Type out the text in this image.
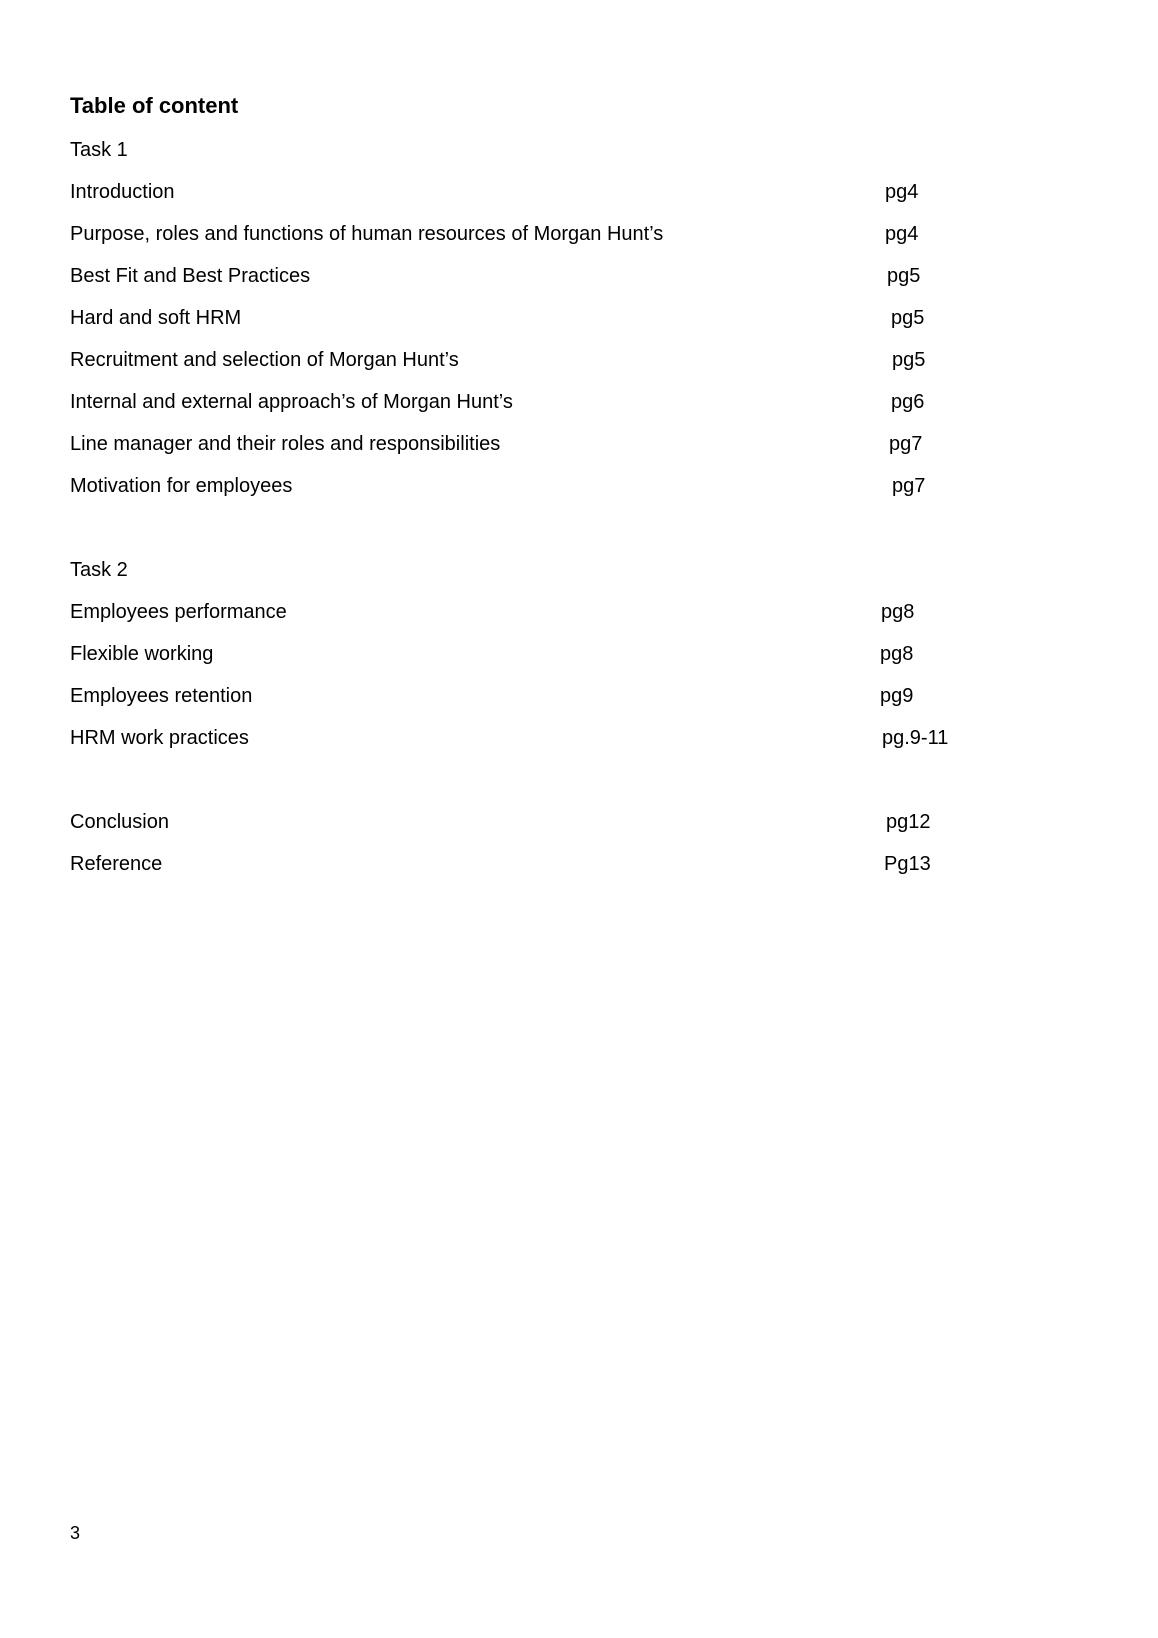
Table of content
Task 1
Introduction	pg4
Purpose, roles and functions of human resources of Morgan Hunt’s	pg4
Best Fit and Best Practices	pg5
Hard and soft HRM	pg5
Recruitment and selection of Morgan Hunt’s	pg5
Internal and external approach’s of Morgan Hunt’s	pg6
Line manager and their roles and responsibilities	pg7
Motivation for employees	pg7
Task 2
Employees performance	pg8
Flexible working	pg8
Employees retention	pg9
HRM work practices	pg.9-11
Conclusion	pg12
Reference	Pg13
3
